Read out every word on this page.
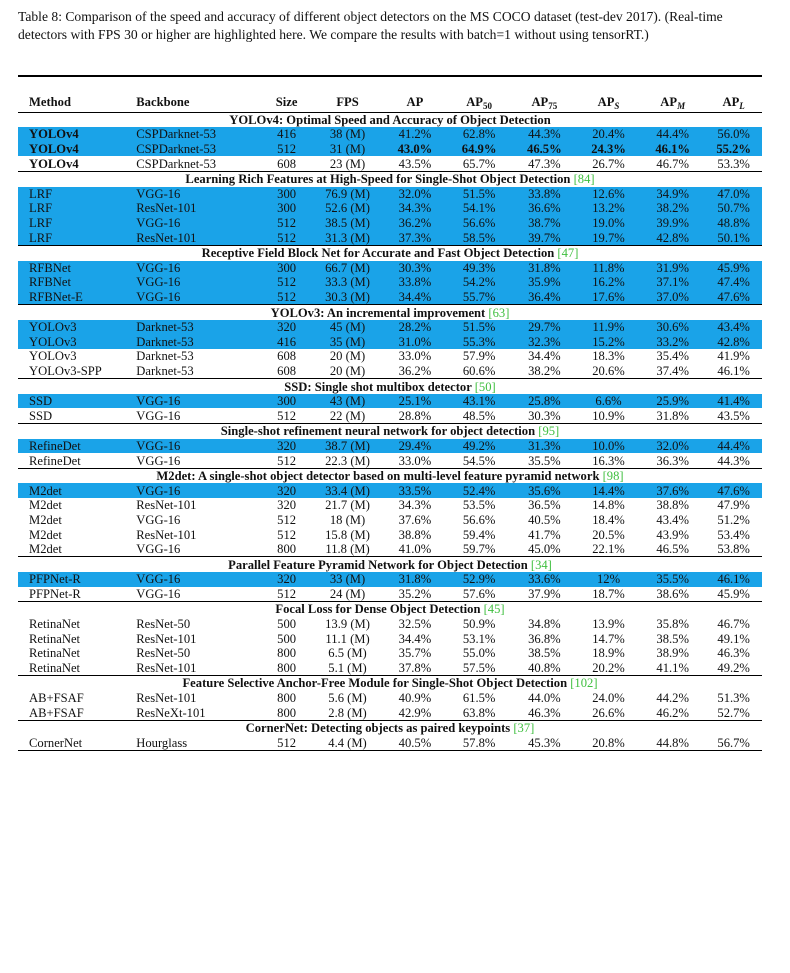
Table 8: Comparison of the speed and accuracy of different object detectors on the MS COCO dataset (test-dev 2017). (Real-time detectors with FPS 30 or higher are highlighted here. We compare the results with batch=1 without using tensorRT.)

Method	Backbone	Size	FPS	AP	$AP_{50}$	$AP_{75}$	$AP_S$	$AP_M$	$AP_L$
YOLOv4: Optimal Speed and Accuracy of Object Detection									
YOLOv4	CSPDarknet-53	416	38 (M)	41.2%	62.8%	44.3%	20.4%	44.4%	56.0%
YOLOv4	CSPDarknet-53	512	31 (M)	43.0%	64.9%	46.5%	24.3%	46.1%	55.2%
YOLOv4	CSPDarknet-53	608	23 (M)	43.5%	65.7%	47.3%	26.7%	46.7%	53.3%
Learning Rich Features at High-Speed for Single-Shot Object Detection [84]									
LRF	VGG-16	300	76.9 (M)	32.0%	51.5%	33.8%	12.6%	34.9%	47.0%
LRF	ResNet-101	300	52.6 (M)	34.3%	54.1%	36.6%	13.2%	38.2%	50.7%
LRF	VGG-16	512	38.5 (M)	36.2%	56.6%	38.7%	19.0%	39.9%	48.8%
LRF	ResNet-101	512	31.3 (M)	37.3%	58.5%	39.7%	19.7%	42.8%	50.1%
Receptive Field Block Net for Accurate and Fast Object Detection [47]									
RFBNet	VGG-16	300	66.7 (M)	30.3%	49.3%	31.8%	11.8%	31.9%	45.9%
RFBNet	VGG-16	512	33.3 (M)	33.8%	54.2%	35.9%	16.2%	37.1%	47.4%
RFBNet-E	VGG-16	512	30.3 (M)	34.4%	55.7%	36.4%	17.6%	37.0%	47.6%
YOLOv3: An incremental improvement [63]									
YOLOv3	Darknet-53	320	45 (M)	28.2%	51.5%	29.7%	11.9%	30.6%	43.4%
YOLOv3	Darknet-53	416	35 (M)	31.0%	55.3%	32.3%	15.2%	33.2%	42.8%
YOLOv3	Darknet-53	608	20 (M)	33.0%	57.9%	34.4%	18.3%	35.4%	41.9%
YOLOv3-SPP	Darknet-53	608	20 (M)	36.2%	60.6%	38.2%	20.6%	37.4%	46.1%
SSD: Single shot multibox detector [50]									
SSD	VGG-16	300	43 (M)	25.1%	43.1%	25.8%	6.6%	25.9%	41.4%
SSD	VGG-16	512	22 (M)	28.8%	48.5%	30.3%	10.9%	31.8%	43.5%
Single-shot refinement neural network for object detection [95]									
RefineDet	VGG-16	320	38.7 (M)	29.4%	49.2%	31.3%	10.0%	32.0%	44.4%
RefineDet	VGG-16	512	22.3 (M)	33.0%	54.5%	35.5%	16.3%	36.3%	44.3%
M2det: A single-shot object detector based on multi-level feature pyramid network [98]									
M2det	VGG-16	320	33.4 (M)	33.5%	52.4%	35.6%	14.4%	37.6%	47.6%
M2det	ResNet-101	320	21.7 (M)	34.3%	53.5%	36.5%	14.8%	38.8%	47.9%
M2det	VGG-16	512	18 (M)	37.6%	56.6%	40.5%	18.4%	43.4%	51.2%
M2det	ResNet-101	512	15.8 (M)	38.8%	59.4%	41.7%	20.5%	43.9%	53.4%
M2det	VGG-16	800	11.8 (M)	41.0%	59.7%	45.0%	22.1%	46.5%	53.8%
Parallel Feature Pyramid Network for Object Detection [34]									
PFPNet-R	VGG-16	320	33 (M)	31.8%	52.9%	33.6%	12%	35.5%	46.1%
PFPNet-R	VGG-16	512	24 (M)	35.2%	57.6%	37.9%	18.7%	38.6%	45.9%
Focal Loss for Dense Object Detection [45]									
RetinaNet	ResNet-50	500	13.9 (M)	32.5%	50.9%	34.8%	13.9%	35.8%	46.7%
RetinaNet	ResNet-101	500	11.1 (M)	34.4%	53.1%	36.8%	14.7%	38.5%	49.1%
RetinaNet	ResNet-50	800	6.5 (M)	35.7%	55.0%	38.5%	18.9%	38.9%	46.3%
RetinaNet	ResNet-101	800	5.1 (M)	37.8%	57.5%	40.8%	20.2%	41.1%	49.2%
Feature Selective Anchor-Free Module for Single-Shot Object Detection [102]									
AB+FSAF	ResNet-101	800	5.6 (M)	40.9%	61.5%	44.0%	24.0%	44.2%	51.3%
AB+FSAF	ResNeXt-101	800	2.8 (M)	42.9%	63.8%	46.3%	26.6%	46.2%	52.7%
CornerNet: Detecting objects as paired keypoints [37]									
CornerNet	Hourglass	512	4.4 (M)	40.5%	57.8%	45.3%	20.8%	44.8%	56.7%
